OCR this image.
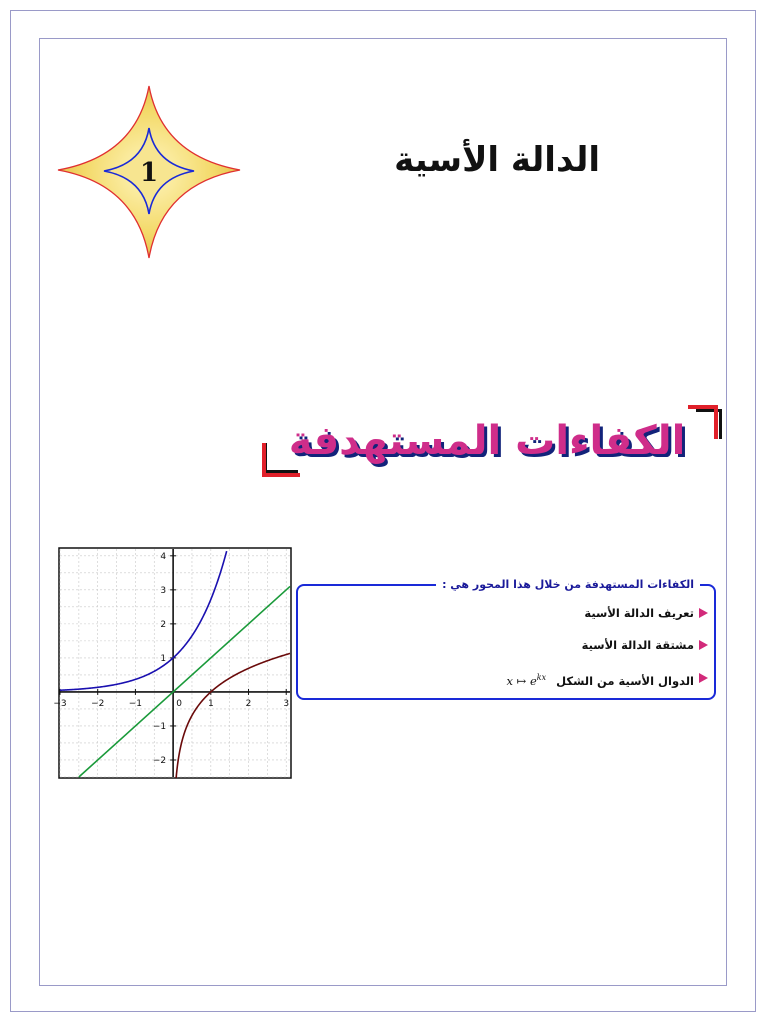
1	الدالة الأسية
الكفاءات المستهدفة
−3	−2	−1	0	1	2	3
4
3
2
1
−1
−2
الكفاءات المستهدفة من خلال هذا المحور هي :
تعريف الدالة الأسية
مشتقة الدالة الأسية
الدوال الأسية من الشكل x ↦ $e^{kx}$
